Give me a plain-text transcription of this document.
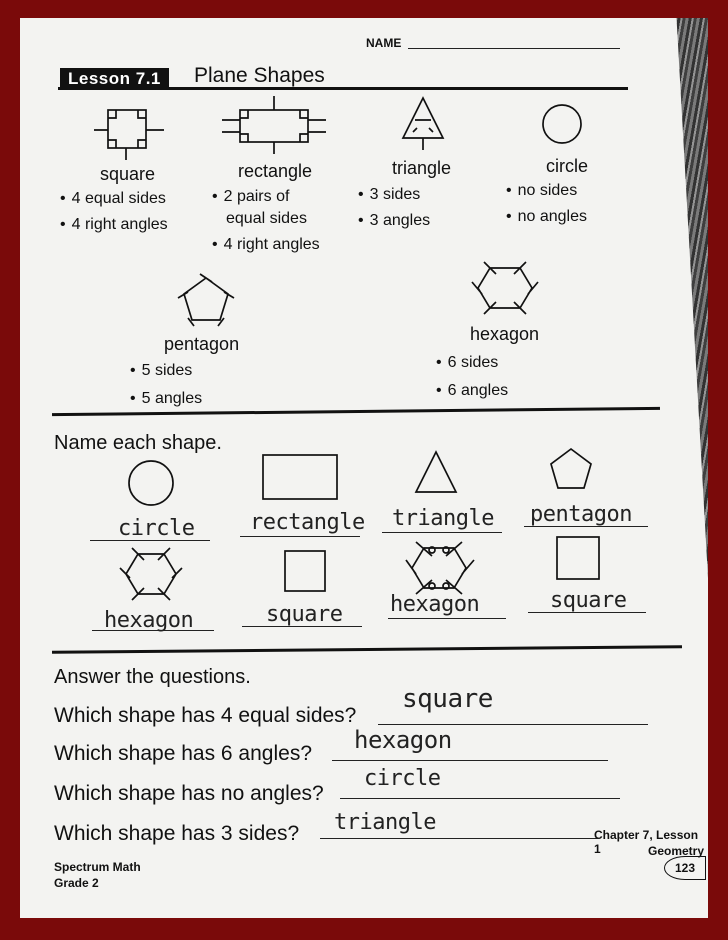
NAME
Lesson 7.1	Plane Shapes
square
• 4 equal sides
• 4 right angles
rectangle
• 2 pairs of
equal sides
• 4 right angles
triangle
• 3 sides
• 3 angles
circle
• no sides
• no angles
pentagon
• 5 sides
• 5 angles
hexagon
• 6 sides
• 6 angles
Name each shape.
circle	rectangle triangle pentagon
hexagon	square hexagon	square
Answer the questions.
Which shape has 4 equal sides?
square
Which shape has 6 angles? hexagon
Which shape has no angles?
circle
Which shape has 3 sides? triangle
Spectrum Math
Grade 2
Chapter 7, Lesson 1	Geometry
123
